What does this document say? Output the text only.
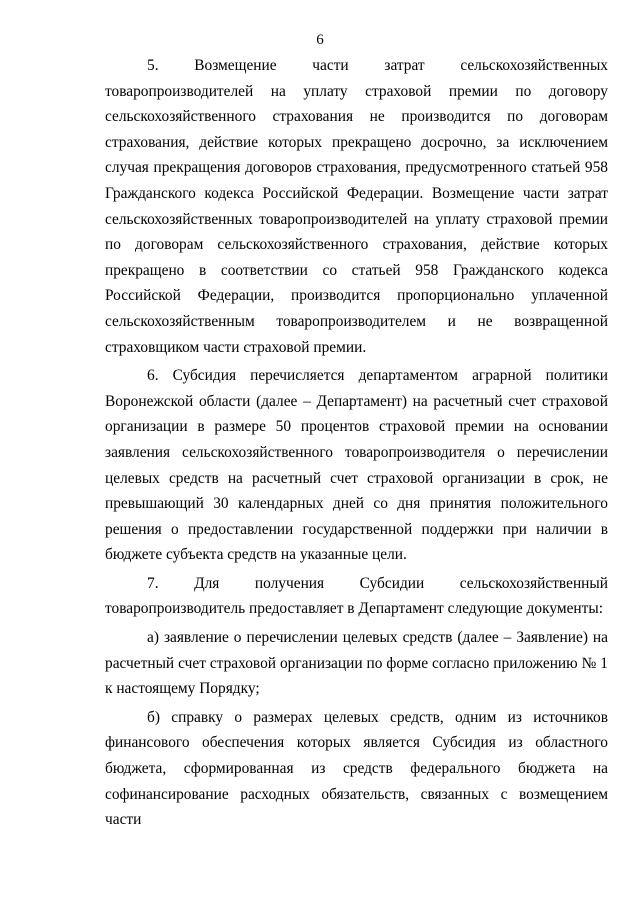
6

5. Возмещение части затрат сельскохозяйственных товаропроизводителей на уплату страховой премии по договору сельскохозяйственного страхования не производится по договорам страхования, действие которых прекращено досрочно, за исключением случая прекращения договоров страхования, предусмотренного статьей 958 Гражданского кодекса Российской Федерации. Возмещение части затрат сельскохозяйственных товаропроизводителей на уплату страховой премии по договорам сельскохозяйственного страхования, действие которых прекращено в соответствии со статьей 958 Гражданского кодекса Российской Федерации, производится пропорционально уплаченной сельскохозяйственным товаропроизводителем и не возвращенной страховщиком части страховой премии.

6. Субсидия перечисляется департаментом аграрной политики Воронежской области (далее – Департамент) на расчетный счет страховой организации в размере 50 процентов страховой премии на основании заявления сельскохозяйственного товаропроизводителя о перечислении целевых средств на расчетный счет страховой организации в срок, не превышающий 30 календарных дней со дня принятия положительного решения о предоставлении государственной поддержки при наличии в бюджете субъекта средств на указанные цели.

7. Для получения Субсидии сельскохозяйственный товаропроизводитель предоставляет в Департамент следующие документы:

а) заявление о перечислении целевых средств (далее – Заявление) на расчетный счет страховой организации по форме согласно приложению № 1 к настоящему Порядку;

б) справку о размерах целевых средств, одним из источников финансового обеспечения которых является Субсидия из областного бюджета, сформированная из средств федерального бюджета на софинансирование расходных обязательств, связанных с возмещением части
